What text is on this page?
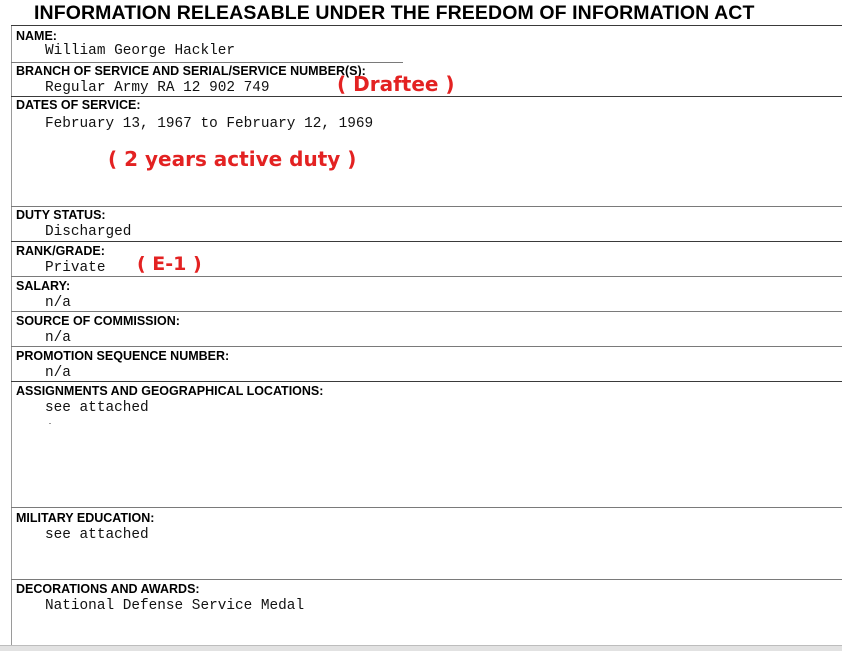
INFORMATION RELEASABLE UNDER THE FREEDOM OF INFORMATION ACT
NAME:
William George Hackler
BRANCH OF SERVICE AND SERIAL/SERVICE NUMBER(S):
Regular Army RA 12 902 749	( Draftee )
DATES OF SERVICE:
February 13, 1967 to February 12, 1969
( 2 years active duty )
DUTY STATUS:
Discharged
RANK/GRADE:
Private ( E-1 )
SALARY:
n/a
SOURCE OF COMMISSION:
n/a
PROMOTION SEQUENCE NUMBER:
n/a
ASSIGNMENTS AND GEOGRAPHICAL LOCATIONS:
see attached
MILITARY EDUCATION:
see attached
DECORATIONS AND AWARDS:
National Defense Service Medal
